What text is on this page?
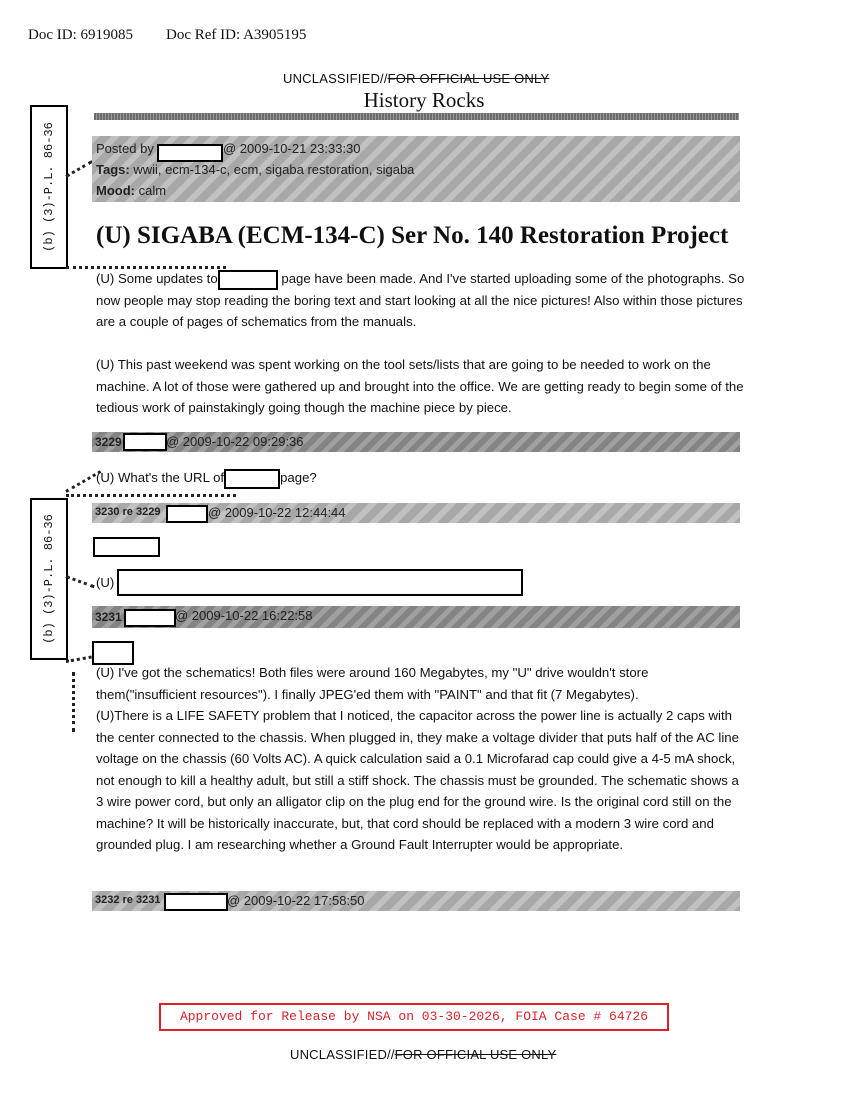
Doc ID: 6919085 Doc Ref ID: A3905195
UNCLASSIFIED//FOR OFFICIAL USE ONLY
History Rocks
(b) (3)-P.L. 86-36	Posted by	@ 2009-10-21 23:33:30
Tags: wwii, ecm-134-c, ecm, sigaba restoration, sigaba
Mood: calm
(U) SIGABA (ECM-134-C) Ser No. 140 Restoration Project
(U) Some updates to	page have been made. And I've started uploading some of the photographs. So now people may stop reading the boring text and start looking at all the nice pictures! Also within those pictures are a couple of pages of schematics from the manuals.
(U) This past weekend was spent working on the tool sets/lists that are going to be needed to work on the machine. A lot of those were gathered up and brought into the office. We are getting ready to begin some of the tedious work of painstakingly going though the machine piece by piece.
3229	@ 2009-10-22 09:29:36
(U) What's the URL of	page?
(b) (3)-P.L. 86-36
3230 re 3229	@ 2009-10-22 12:44:44
(U)
3231	@ 2009-10-22 16:22:58
(U) I've got the schematics! Both files were around 160 Megabytes, my "U" drive wouldn't store them("insufficient resources"). I finally JPEG'ed them with "PAINT" and that fit (7 Megabytes).
(U)There is a LIFE SAFETY problem that I noticed, the capacitor across the power line is actually 2 caps with the center connected to the chassis. When plugged in, they make a voltage divider that puts half of the AC line voltage on the chassis (60 Volts AC). A quick calculation said a 0.1 Microfarad cap could give a 4-5 mA shock, not enough to kill a healthy adult, but still a stiff shock. The chassis must be grounded. The schematic shows a 3 wire power cord, but only an alligator clip on the plug end for the ground wire. Is the original cord still on the machine? It will be historically inaccurate, but, that cord should be replaced with a modern 3 wire cord and grounded plug. I am researching whether a Ground Fault Interrupter would be appropriate.
3232 re 3231	@ 2009-10-22 17:58:50
Approved for Release by NSA on 03-30-2026, FOIA Case # 64726
UNCLASSIFIED//FOR OFFICIAL USE ONLY
